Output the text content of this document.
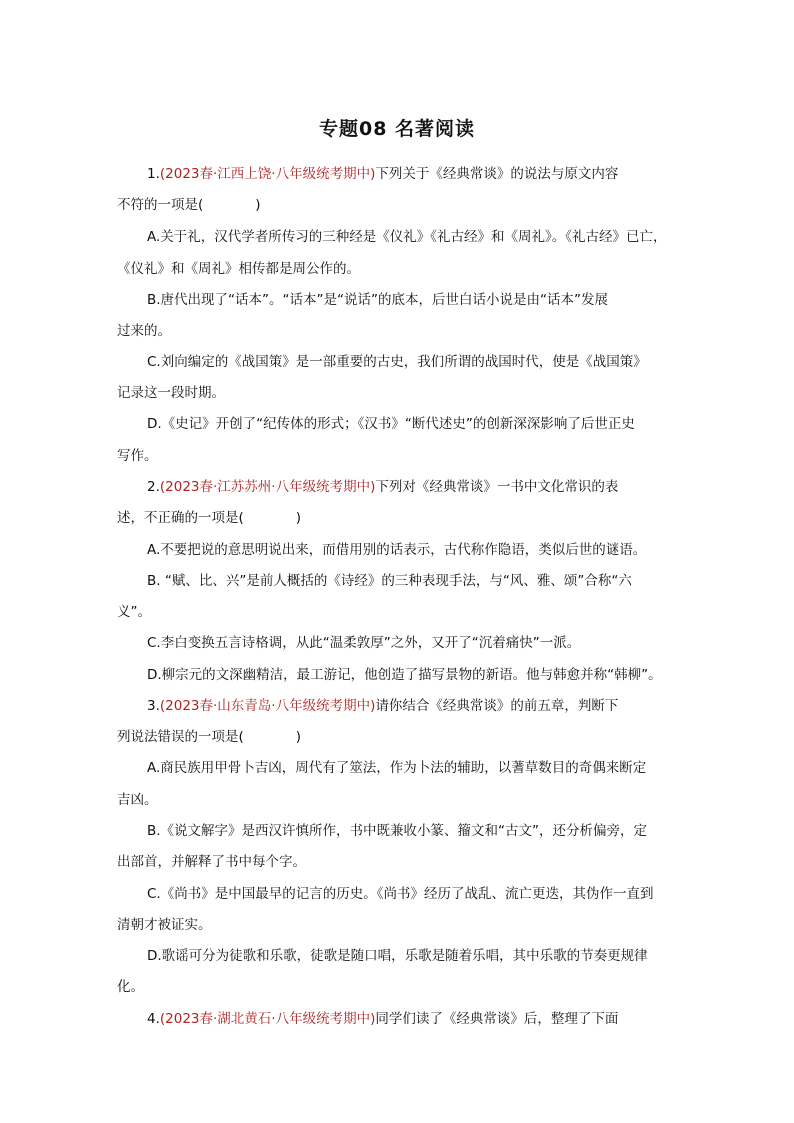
专题08 名著阅读
1.(2023春·江西上饶·八年级统考期中)下列关于《经典常谈》的说法与原文内容
不符的一项是(	)
A.关于礼，汉代学者所传习的三种经是《仪礼》《礼古经》和《周礼》。《礼古经》已亡，
《仪礼》和《周礼》相传都是周公作的。
B.唐代出现了“话本”。“话本”是“说话”的底本，后世白话小说是由“话本”发展
过来的。
C.刘向编定的《战国策》是一部重要的古史，我们所谓的战国时代，使是《战国策》
记录这一段时期。
D.《史记》开创了“纪传体的形式；《汉书》“断代述史”的创新深深影响了后世正史
写作。
2.(2023春·江苏苏州·八年级统考期中)下列对《经典常谈》一书中文化常识的表
述，不正确的一项是(	)
A.不要把说的意思明说出来，而借用别的话表示，古代称作隐语，类似后世的谜语。
B. “赋、比、兴”是前人概括的《诗经》的三种表现手法，与“风、雅、颂”合称“六
义”。
C.李白变换五言诗格调，从此“温柔敦厚”之外，又开了“沉着痛快”一派。
D.柳宗元的文深幽精洁，最工游记，他创造了描写景物的新语。他与韩愈并称“韩柳”。
3.(2023春·山东青岛·八年级统考期中)请你结合《经典常谈》的前五章，判断下
列说法错误的一项是(	)
A.商民族用甲骨卜吉凶，周代有了筮法，作为卜法的辅助，以蓍草数目的奇偶来断定
吉凶。
B.《说文解字》是西汉许慎所作，书中既兼收小篆、籀文和“古文”，还分析偏旁，定
出部首，并解释了书中每个字。
C.《尚书》是中国最早的记言的历史。《尚书》经历了战乱、流亡更迭，其伪作一直到
清朝才被证实。
D.歌谣可分为徒歌和乐歌，徒歌是随口唱，乐歌是随着乐唱，其中乐歌的节奏更规律
化。
4.(2023春·湖北黄石·八年级统考期中)同学们读了《经典常谈》后，整理了下面
